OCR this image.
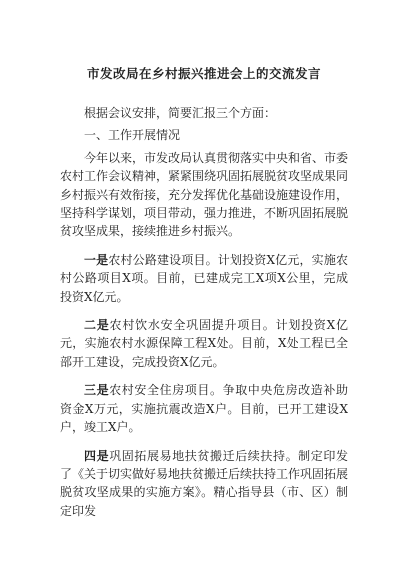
市发改局在乡村振兴推进会上的交流发言
根据会议安排，简要汇报三个方面：
一、工作开展情况
今年以来，市发改局认真贯彻落实中央和省、市委农村工作会议精神，紧紧围绕巩固拓展脱贫攻坚成果同乡村振兴有效衔接，充分发挥优化基础设施建设作用，坚持科学谋划，项目带动，强力推进，不断巩固拓展脱贫攻坚成果，接续推进乡村振兴。
一是农村公路建设项目。计划投资X亿元，实施农村公路项目X项。目前，已建成完工X项X公里，完成投资X亿元。
二是农村饮水安全巩固提升项目。计划投资X亿元，实施农村水源保障工程X处。目前，X处工程已全部开工建设，完成投资X亿元。
三是农村安全住房项目。争取中央危房改造补助资金X万元，实施抗震改造X户。目前，已开工建设X户，竣工X户。
四是巩固拓展易地扶贫搬迁后续扶持。制定印发了《关于切实做好易地扶贫搬迁后续扶持工作巩固拓展脱贫攻坚成果的实施方案》。精心指导县（市、区）制定印发
